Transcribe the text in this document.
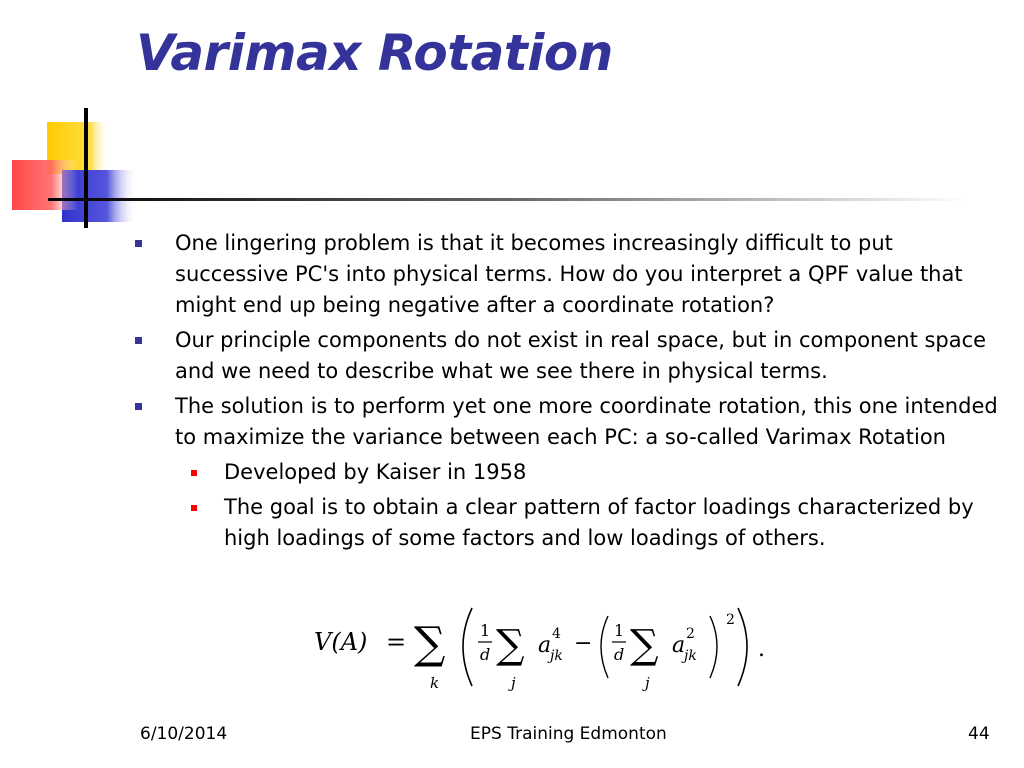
Varimax Rotation
One lingering problem is that it becomes increasingly difficult to put successive PC's into physical terms. How do you interpret a QPF value that might end up being negative after a coordinate rotation?
Our principle components do not exist in real space, but in component space and we need to describe what we see there in physical terms.
The solution is to perform yet one more coordinate rotation, this one intended to maximize the variance between each PC: a so-called Varimax Rotation
Developed by Kaiser in 1958
The goal is to obtain a clear pattern of factor loadings characterized by high loadings of some factors and low loadings of others.
V(A) = ∑
k
1
d ∑
j
a 4
jk −
1
d ∑
j
a 2
jk
2
.
6/10/2014	EPS Training Edmonton	44
